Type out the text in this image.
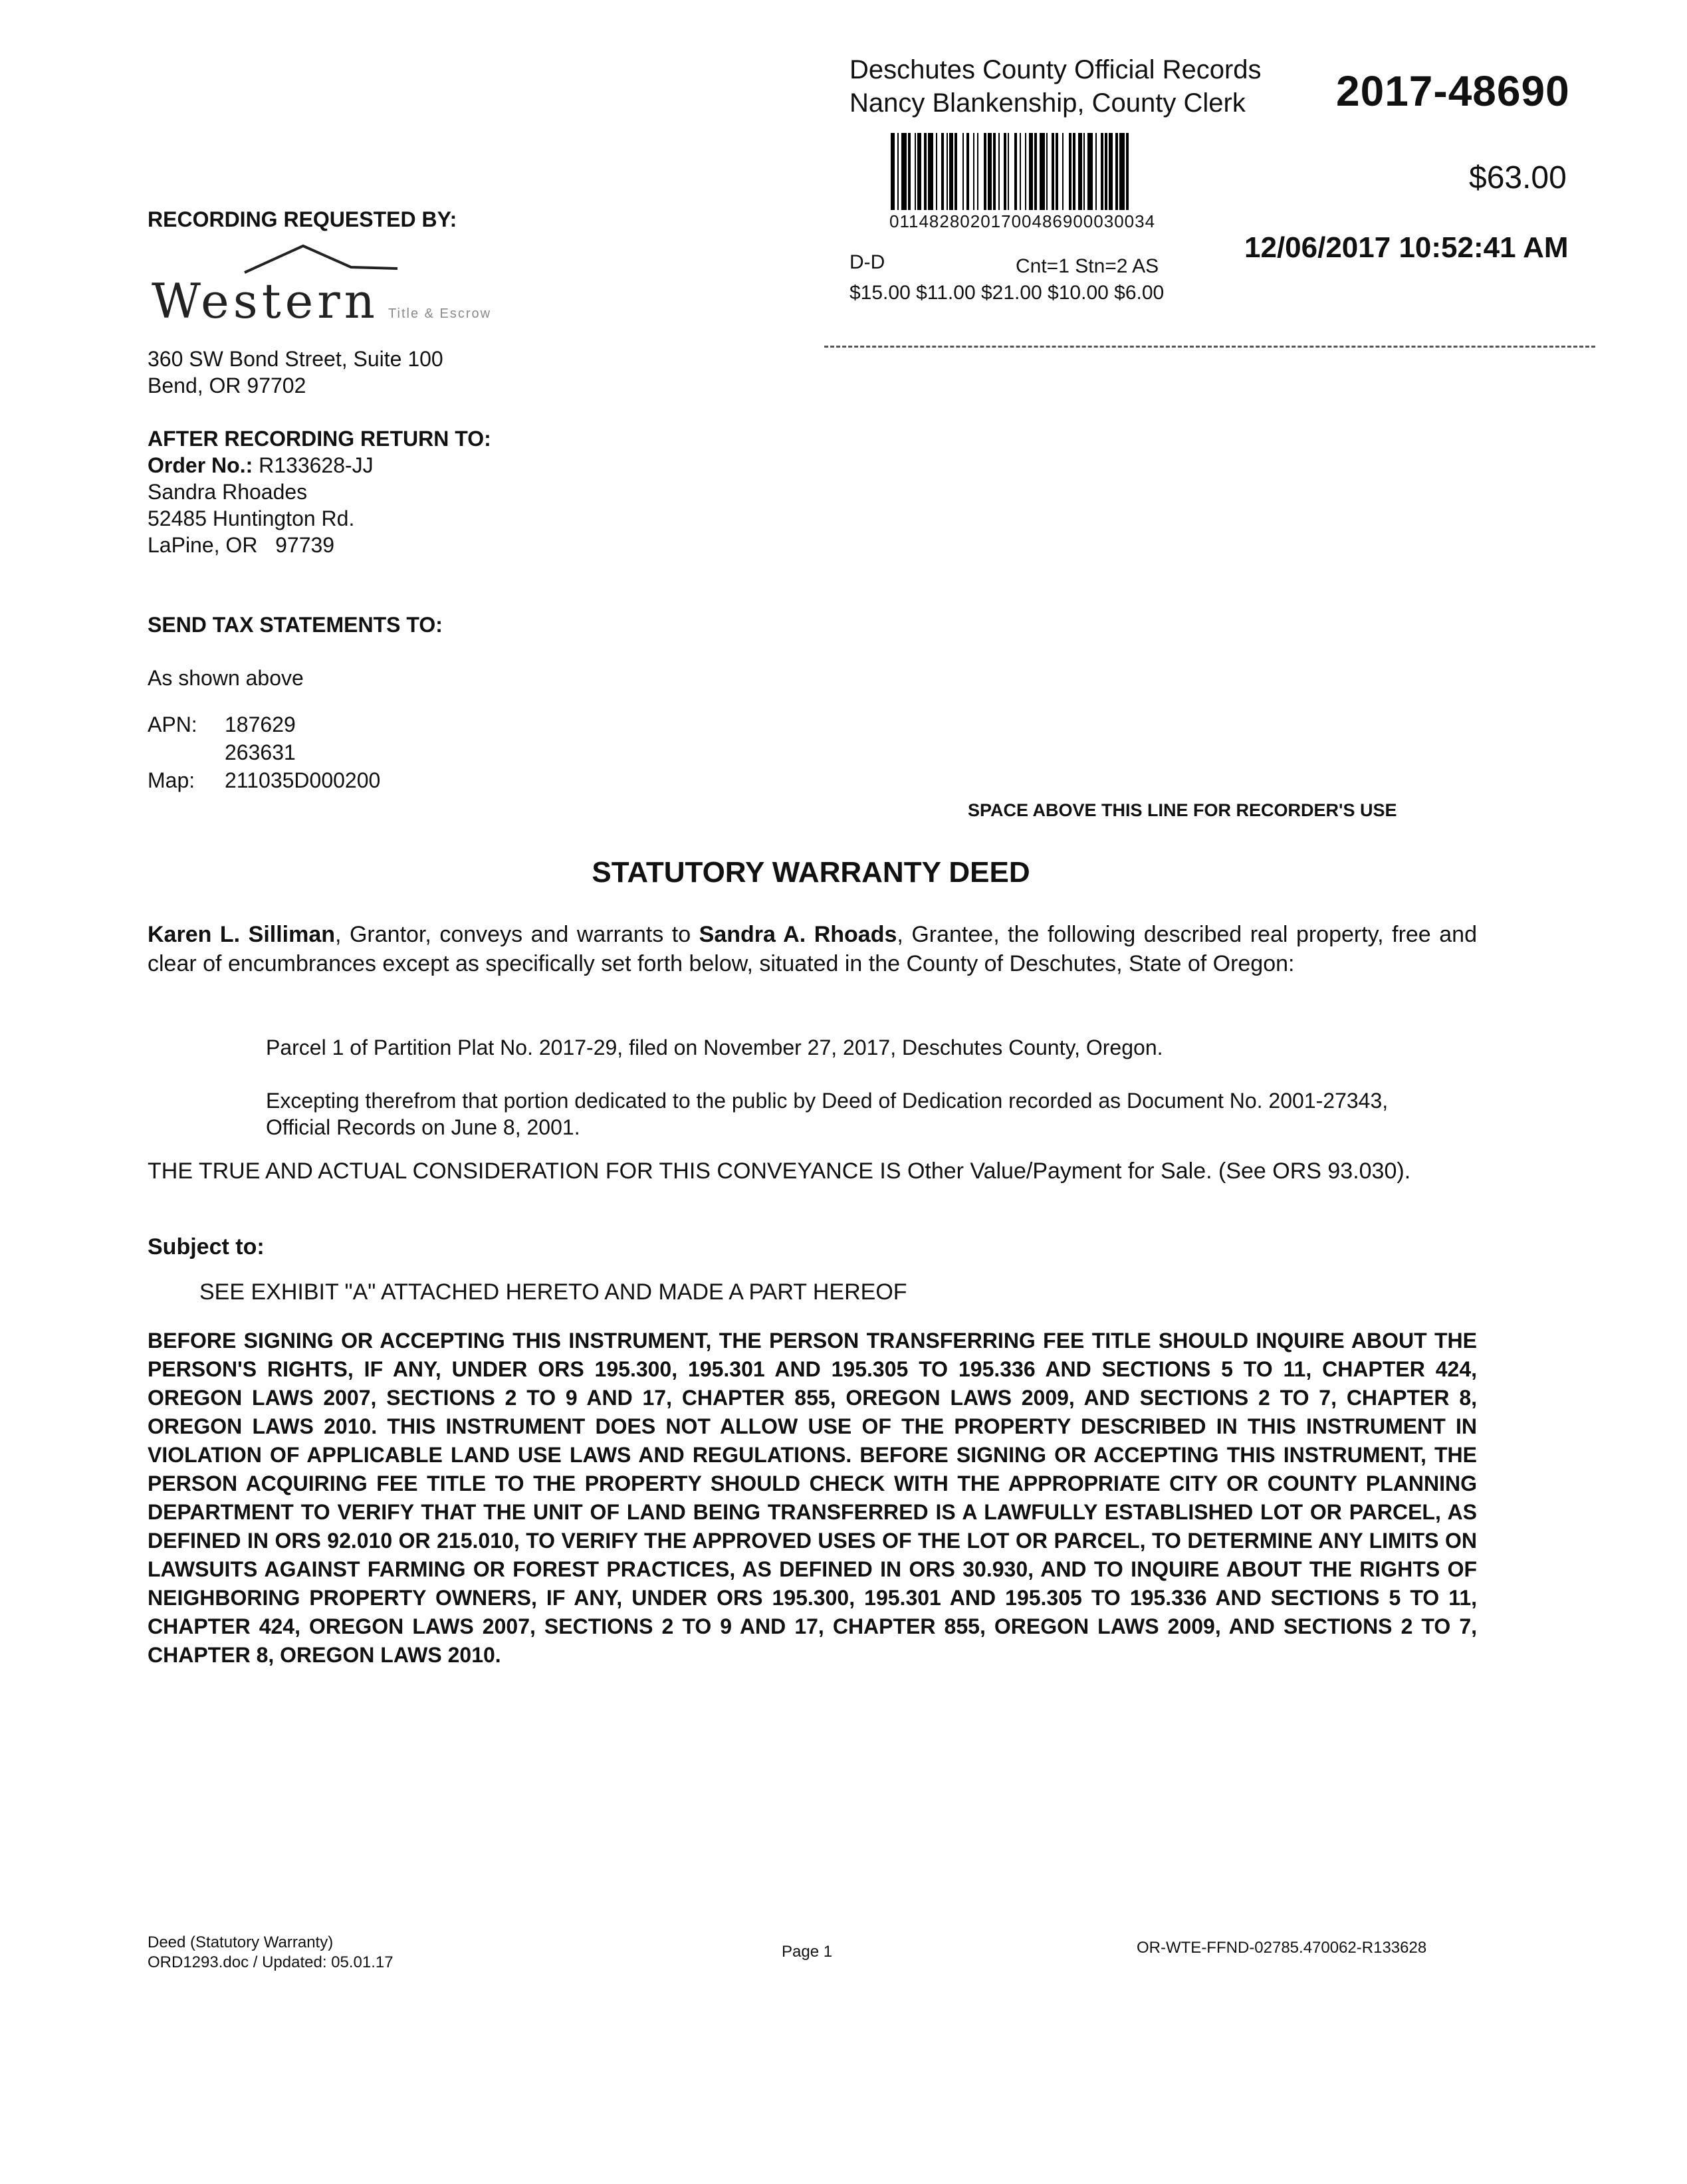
Deschutes County Official Records
Nancy Blankenship, County Clerk 2017-48690
$63.00
0114828020170048690003003​4
12/06/2017 10:52:41 AM
D-D	Cnt=1 Stn=2 AS
$15.00 $11.00 $21.00 $10.00 $6.00
RECORDING REQUESTED BY:
Western Title & Escrow
360 SW Bond Street, Suite 100
Bend, OR 97702
AFTER RECORDING RETURN TO:
Order No.: R133628-JJ
Sandra Rhoades
52485 Huntington Rd.
LaPine, OR   97739
SEND TAX STATEMENTS TO:
As shown above
APN: 187629
263631
Map: 211035D000200
SPACE ABOVE THIS LINE FOR RECORDER'S USE
STATUTORY WARRANTY DEED
Karen L. Silliman, Grantor, conveys and warrants to Sandra A. Rhoads, Grantee, the following described real property, free and clear of encumbrances except as specifically set forth below, situated in the County of Deschutes, State of Oregon:
Parcel 1 of Partition Plat No. 2017-29, filed on November 27, 2017, Deschutes County, Oregon.
Excepting therefrom that portion dedicated to the public by Deed of Dedication recorded as Document No. 2001-27343, Official Records on June 8, 2001.
THE TRUE AND ACTUAL CONSIDERATION FOR THIS CONVEYANCE IS Other Value/Payment for Sale. (See ORS 93.030).
Subject to:
SEE EXHIBIT "A" ATTACHED HERETO AND MADE A PART HEREOF
BEFORE SIGNING OR ACCEPTING THIS INSTRUMENT, THE PERSON TRANSFERRING FEE TITLE SHOULD INQUIRE ABOUT THE PERSON'S RIGHTS, IF ANY, UNDER ORS 195.300, 195.301 AND 195.305 TO 195.336 AND SECTIONS 5 TO 11, CHAPTER 424, OREGON LAWS 2007, SECTIONS 2 TO 9 AND 17, CHAPTER 855, OREGON LAWS 2009, AND SECTIONS 2 TO 7, CHAPTER 8, OREGON LAWS 2010. THIS INSTRUMENT DOES NOT ALLOW USE OF THE PROPERTY DESCRIBED IN THIS INSTRUMENT IN VIOLATION OF APPLICABLE LAND USE LAWS AND REGULATIONS. BEFORE SIGNING OR ACCEPTING THIS INSTRUMENT, THE PERSON ACQUIRING FEE TITLE TO THE PROPERTY SHOULD CHECK WITH THE APPROPRIATE CITY OR COUNTY PLANNING DEPARTMENT TO VERIFY THAT THE UNIT OF LAND BEING TRANSFERRED IS A LAWFULLY ESTABLISHED LOT OR PARCEL, AS DEFINED IN ORS 92.010 OR 215.010, TO VERIFY THE APPROVED USES OF THE LOT OR PARCEL, TO DETERMINE ANY LIMITS ON LAWSUITS AGAINST FARMING OR FOREST PRACTICES, AS DEFINED IN ORS 30.930, AND TO INQUIRE ABOUT THE RIGHTS OF NEIGHBORING PROPERTY OWNERS, IF ANY, UNDER ORS 195.300, 195.301 AND 195.305 TO 195.336 AND SECTIONS 5 TO 11, CHAPTER 424, OREGON LAWS 2007, SECTIONS 2 TO 9 AND 17, CHAPTER 855, OREGON LAWS 2009, AND SECTIONS 2 TO 7, CHAPTER 8, OREGON LAWS 2010.
Deed (Statutory Warranty)
ORD1293.doc / Updated: 05.01.17
Page 1	OR-WTE-FFND-02785.470062-R133628
